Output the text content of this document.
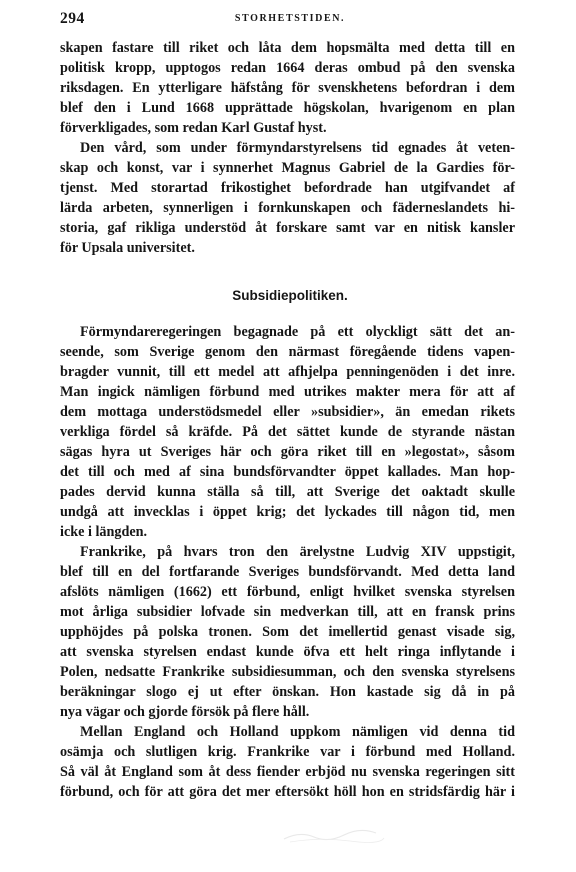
294	STORHETSTIDEN.
skapen fastare till riket och låta dem hopsmälta med detta till en
politisk kropp, upptogos redan 1664 deras ombud på den svenska
riksdagen. En ytterligare häfstång för svenskhetens befordran i dem
blef den i Lund 1668 upprättade högskolan, hvarigenom en plan
förverkligades, som redan Karl Gustaf hyst.
Den vård, som under förmyndarstyrelsens tid egnades åt veten-
skap och konst, var i synnerhet Magnus Gabriel de la Gardies för-
tjenst. Med storartad frikostighet befordrade han utgifvandet af
lärda arbeten, synnerligen i fornkunskapen och fäderneslandets hi-
storia, gaf rikliga understöd åt forskare samt var en nitisk kansler
för Upsala universitet.
Subsidiepolitiken.
Förmyndareregeringen begagnade på ett olyckligt sätt det an-
seende, som Sverige genom den närmast föregående tidens vapen-
bragder vunnit, till ett medel att afhjelpa penningenöden i det inre.
Man ingick nämligen förbund med utrikes makter mera för att af
dem mottaga understödsmedel eller »subsidier», än emedan rikets
verkliga fördel så kräfde. På det sättet kunde de styrande nästan
sägas hyra ut Sveriges här och göra riket till en »legostat», såsom
det till och med af sina bundsförvandter öppet kallades. Man hop-
pades dervid kunna ställa så till, att Sverige det oaktadt skulle
undgå att invecklas i öppet krig; det lyckades till någon tid, men
icke i längden.
Frankrike, på hvars tron den ärelystne Ludvig XIV uppstigit,
blef till en del fortfarande Sveriges bundsförvandt. Med detta land
afslöts nämligen (1662) ett förbund, enligt hvilket svenska styrelsen
mot årliga subsidier lofvade sin medverkan till, att en fransk prins
upphöjdes på polska tronen. Som det imellertid genast visade sig,
att svenska styrelsen endast kunde öfva ett helt ringa inflytande i
Polen, nedsatte Frankrike subsidiesumman, och den svenska styrelsens
beräkningar slogo ej ut efter önskan. Hon kastade sig då in på
nya vägar och gjorde försök på flere håll.
Mellan England och Holland uppkom nämligen vid denna tid
osämja och slutligen krig. Frankrike var i förbund med Holland.
Så väl åt England som åt dess fiender erbjöd nu svenska regeringen sitt
förbund, och för att göra det mer eftersökt höll hon en stridsfärdig här i
